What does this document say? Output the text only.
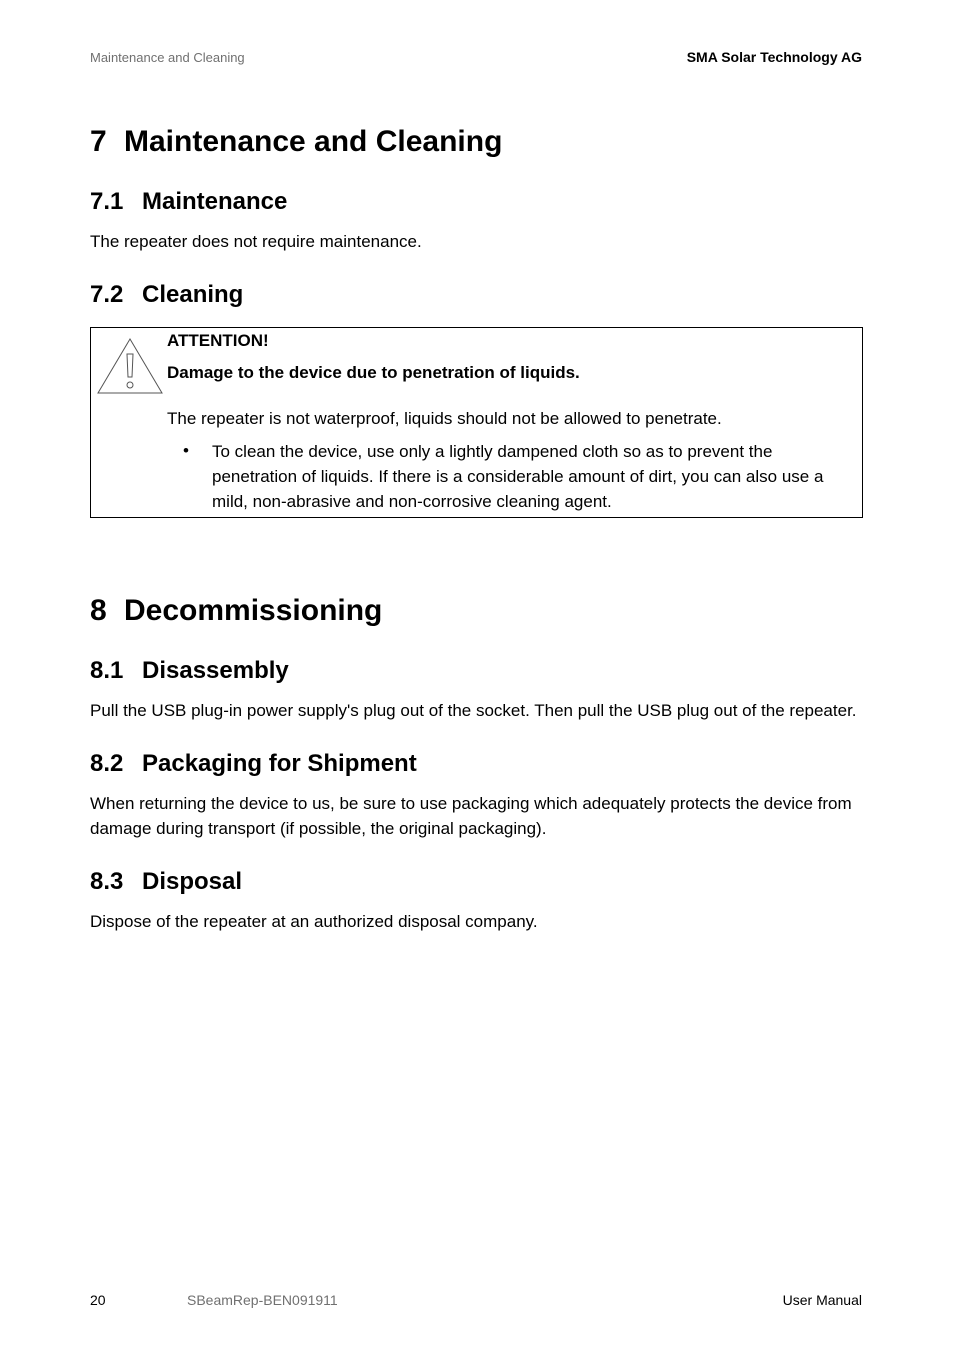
Maintenance and Cleaning	SMA Solar Technology AG
7 Maintenance and Cleaning
7.1 Maintenance

The repeater does not require maintenance.

7.2 Cleaning
ATTENTION!
Damage to the device due to penetration of liquids.
The repeater is not waterproof, liquids should not be allowed to penetrate.
• To clean the device, use only a lightly dampened cloth so as to prevent the penetration of liquids. If there is a considerable amount of dirt, you can also use a mild, non-abrasive and non-corrosive cleaning agent.
8 Decommissioning
8.1 Disassembly

Pull the USB plug-in power supply's plug out of the socket. Then pull the USB plug out of the repeater.

8.2 Packaging for Shipment

When returning the device to us, be sure to use packaging which adequately protects the device from damage during transport (if possible, the original packaging).

8.3 Disposal

Dispose of the repeater at an authorized disposal company.

20	SBeamRep-BEN091911	User Manual
